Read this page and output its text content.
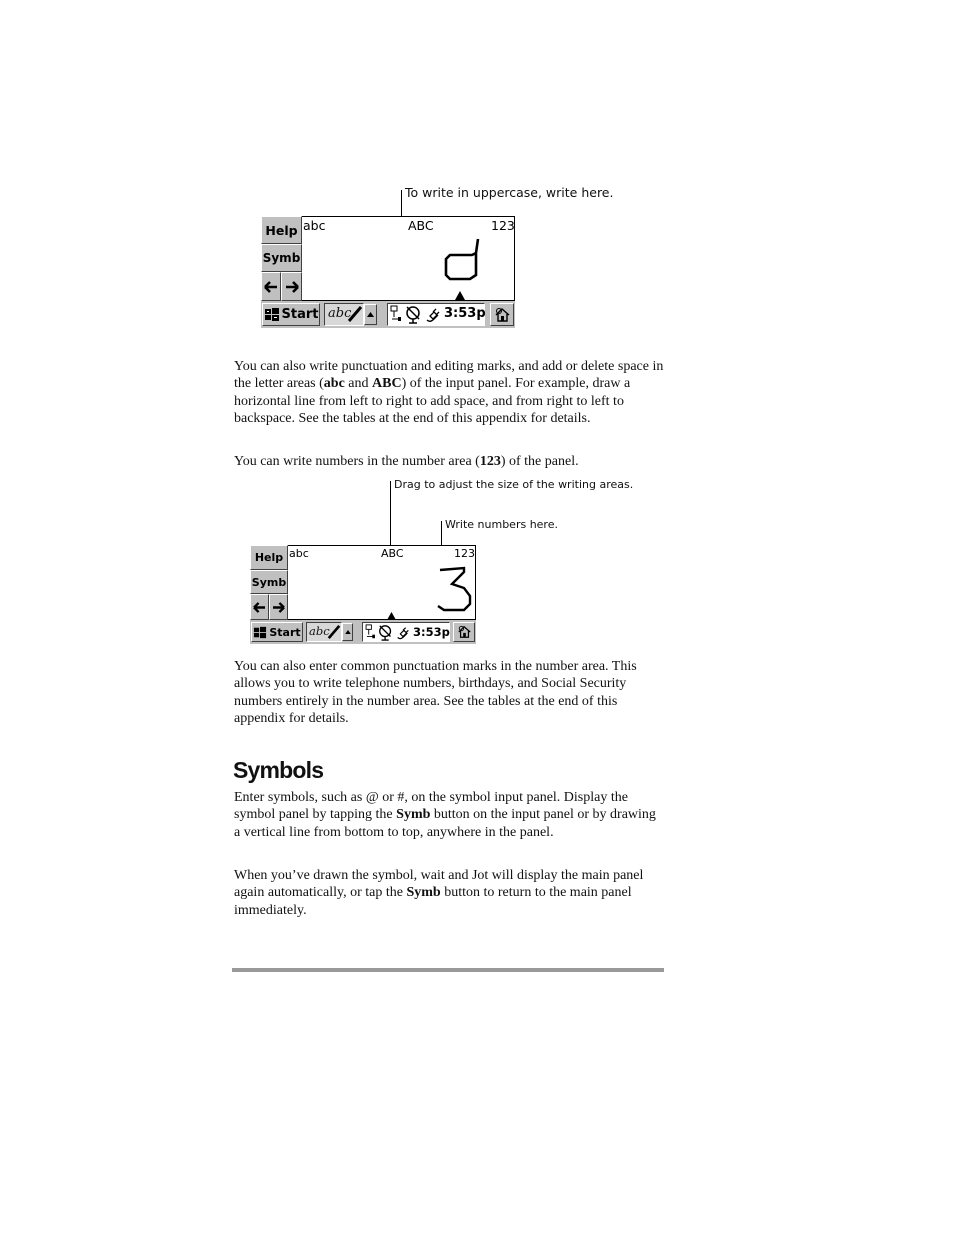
To write in uppercase, write here.
abc	ABC	123
Help
Symb
Start abc	3:53p

You can also write punctuation and editing marks, and add or delete space in the letter areas (abc and ABC) of the input panel. For example, draw a horizontal line from left to right to add space, and from right to left to backspace. See the tables at the end of this appendix for details.

You can write numbers in the number area (123) of the panel.

Drag to adjust the size of the writing areas.
Write numbers here.
abc	ABC	123
Help
Symb
Start abc	3:53p

You can also enter common punctuation marks in the number area. This allows you to write telephone numbers, birthdays, and Social Security numbers entirely in the number area. See the tables at the end of this appendix for details.

Symbols

Enter symbols, such as @ or #, on the symbol input panel. Display the symbol panel by tapping the Symb button on the input panel or by drawing a vertical line from bottom to top, anywhere in the panel.

When you’ve drawn the symbol, wait and Jot will display the main panel again automatically, or tap the Symb button to return to the main panel immediately.
